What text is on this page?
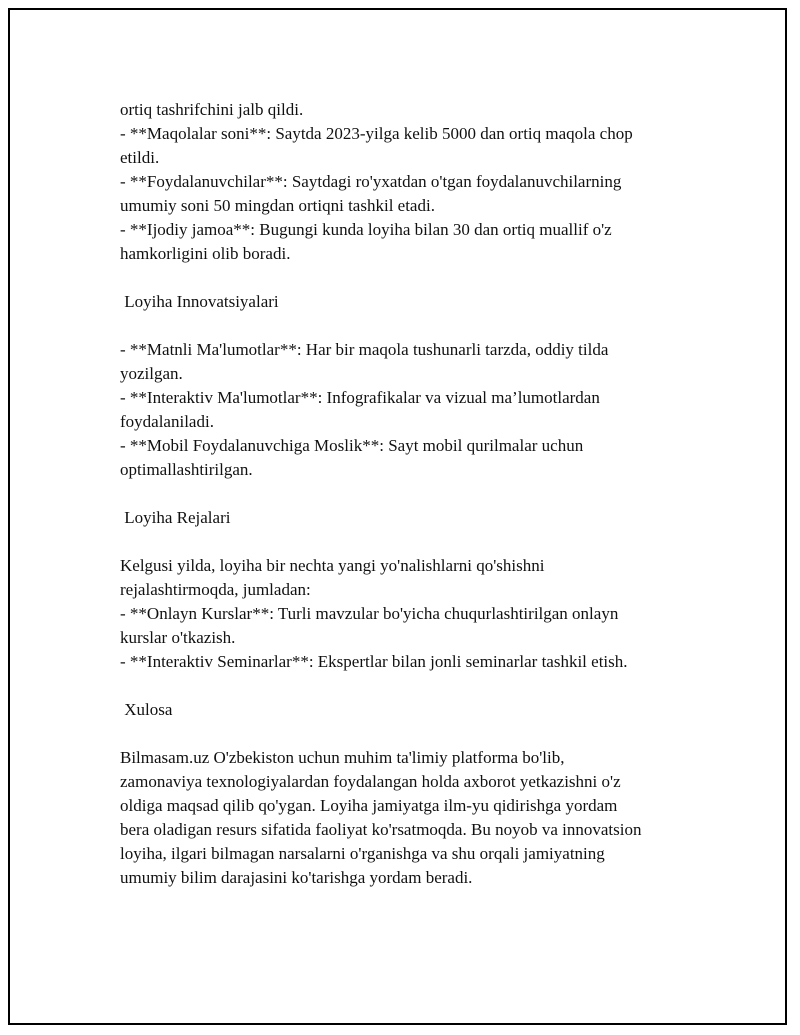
ortiq tashrifchini jalb qildi.
- **Maqolalar soni**: Saytda 2023-yilga kelib 5000 dan ortiq maqola chop
etildi.
- **Foydalanuvchilar**: Saytdagi ro'yxatdan o'tgan foydalanuvchilarning
umumiy soni 50 mingdan ortiqni tashkil etadi.
- **Ijodiy jamoa**: Bugungi kunda loyiha bilan 30 dan ortiq muallif o'z
hamkorligini olib boradi.
Loyiha Innovatsiyalari
- **Matnli Ma'lumotlar**: Har bir maqola tushunarli tarzda, oddiy tilda
yozilgan.
- **Interaktiv Ma'lumotlar**: Infografikalar va vizual ma’lumotlardan
foydalaniladi.
- **Mobil Foydalanuvchiga Moslik**: Sayt mobil qurilmalar uchun
optimallashtirilgan.
Loyiha Rejalari
Kelgusi yilda, loyiha bir nechta yangi yo'nalishlarni qo'shishni
rejalashtirmoqda, jumladan:
- **Onlayn Kurslar**: Turli mavzular bo'yicha chuqurlashtirilgan onlayn
kurslar o'tkazish.
- **Interaktiv Seminarlar**: Ekspertlar bilan jonli seminarlar tashkil etish.
Xulosa
Bilmasam.uz O'zbekiston uchun muhim ta'limiy platforma bo'lib,
zamonaviya texnologiyalardan foydalangan holda axborot yetkazishni o'z
oldiga maqsad qilib qo'ygan. Loyiha jamiyatga ilm-yu qidirishga yordam
bera oladigan resurs sifatida faoliyat ko'rsatmoqda. Bu noyob va innovatsion
loyiha, ilgari bilmagan narsalarni o'rganishga va shu orqali jamiyatning
umumiy bilim darajasini ko'tarishga yordam beradi.
